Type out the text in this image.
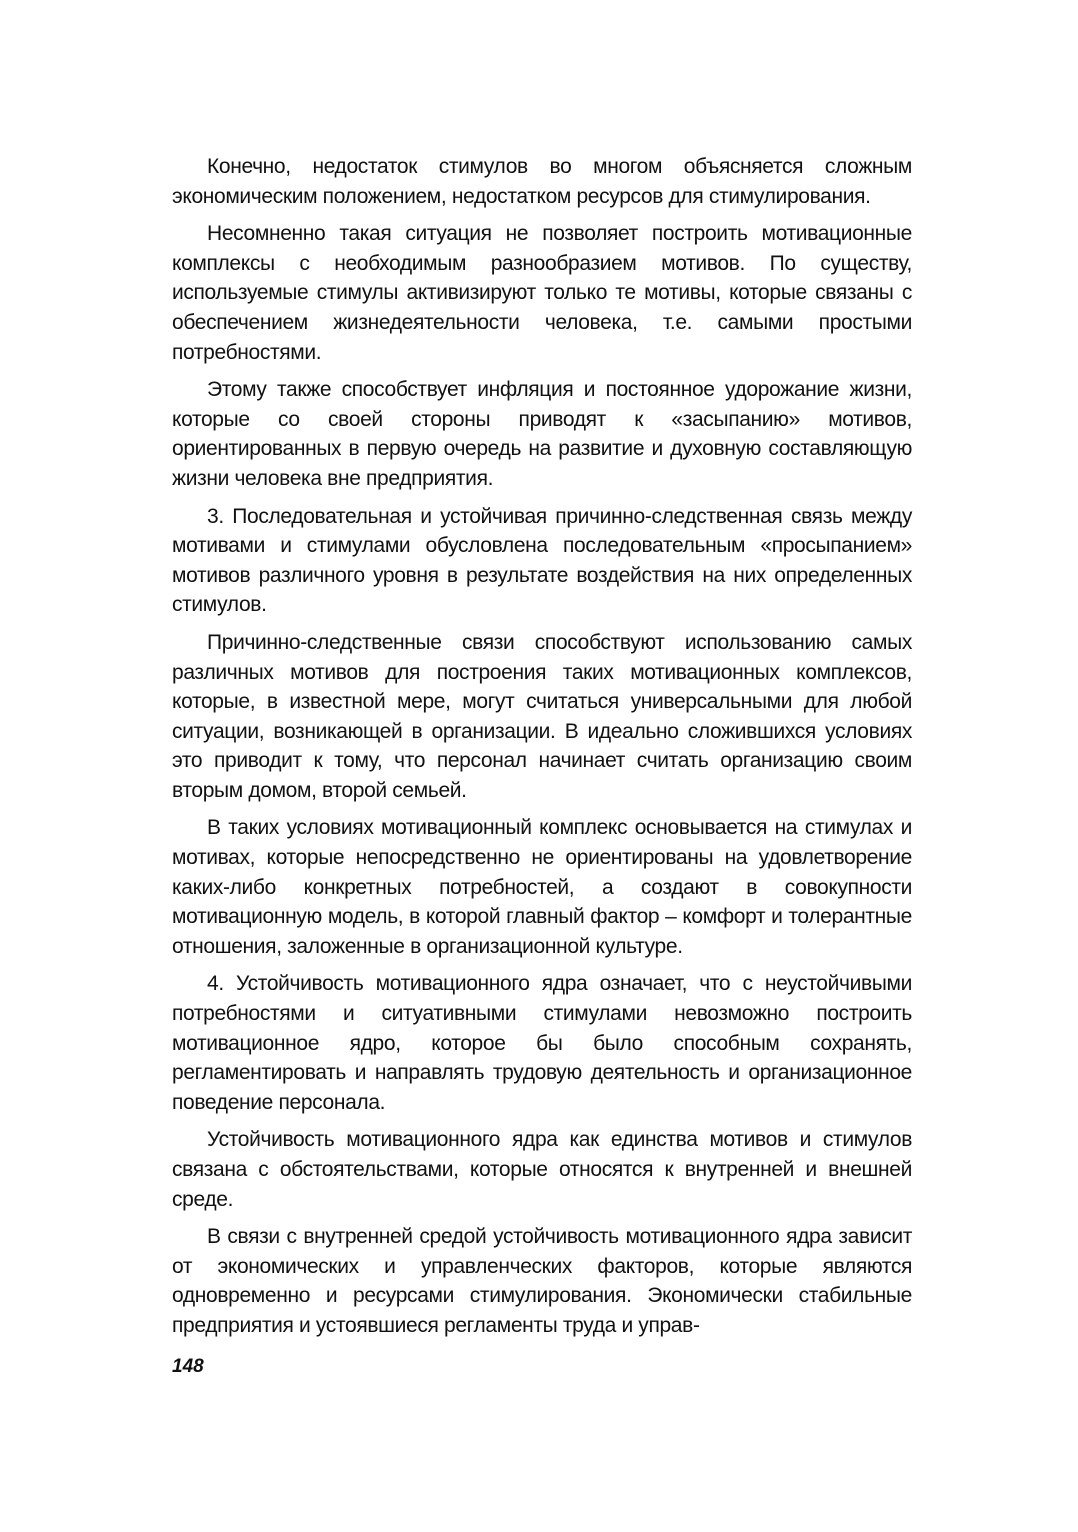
Конечно, недостаток стимулов во многом объясняется сложным экономическим положением, недостатком ресурсов для стимулирования.

Несомненно такая ситуация не позволяет построить мотивационные комплексы с необходимым разнообразием мотивов. По существу, используемые стимулы активизируют только те мотивы, которые связаны с обеспечением жизнедеятельности человека, т.е. самыми простыми потребностями.

Этому также способствует инфляция и постоянное удорожание жизни, которые со своей стороны приводят к «засыпанию» мотивов, ориентированных в первую очередь на развитие и духовную составляющую жизни человека вне предприятия.

3. Последовательная и устойчивая причинно-следственная связь между мотивами и стимулами обусловлена последовательным «просыпанием» мотивов различного уровня в результате воздействия на них определенных стимулов.

Причинно-следственные связи способствуют использованию самых различных мотивов для построения таких мотивационных комплексов, которые, в известной мере, могут считаться универсальными для любой ситуации, возникающей в организации. В идеально сложившихся условиях это приводит к тому, что персонал начинает считать организацию своим вторым домом, второй семьей.

В таких условиях мотивационный комплекс основывается на стимулах и мотивах, которые непосредственно не ориентированы на удовлетворение каких-либо конкретных потребностей, а создают в совокупности мотивационную модель, в которой главный фактор – комфорт и толерантные отношения, заложенные в организационной культуре.

4. Устойчивость мотивационного ядра означает, что с неустойчивыми потребностями и ситуативными стимулами невозможно построить мотивационное ядро, которое бы было способным сохранять, регламентировать и направлять трудовую деятельность и организационное поведение персонала.

Устойчивость мотивационного ядра как единства мотивов и стимулов связана с обстоятельствами, которые относятся к внутренней и внешней среде.

В связи с внутренней средой устойчивость мотивационного ядра зависит от экономических и управленческих факторов, которые являются одновременно и ресурсами стимулирования. Экономически стабильные предприятия и устоявшиеся регламенты труда и управ-

148
